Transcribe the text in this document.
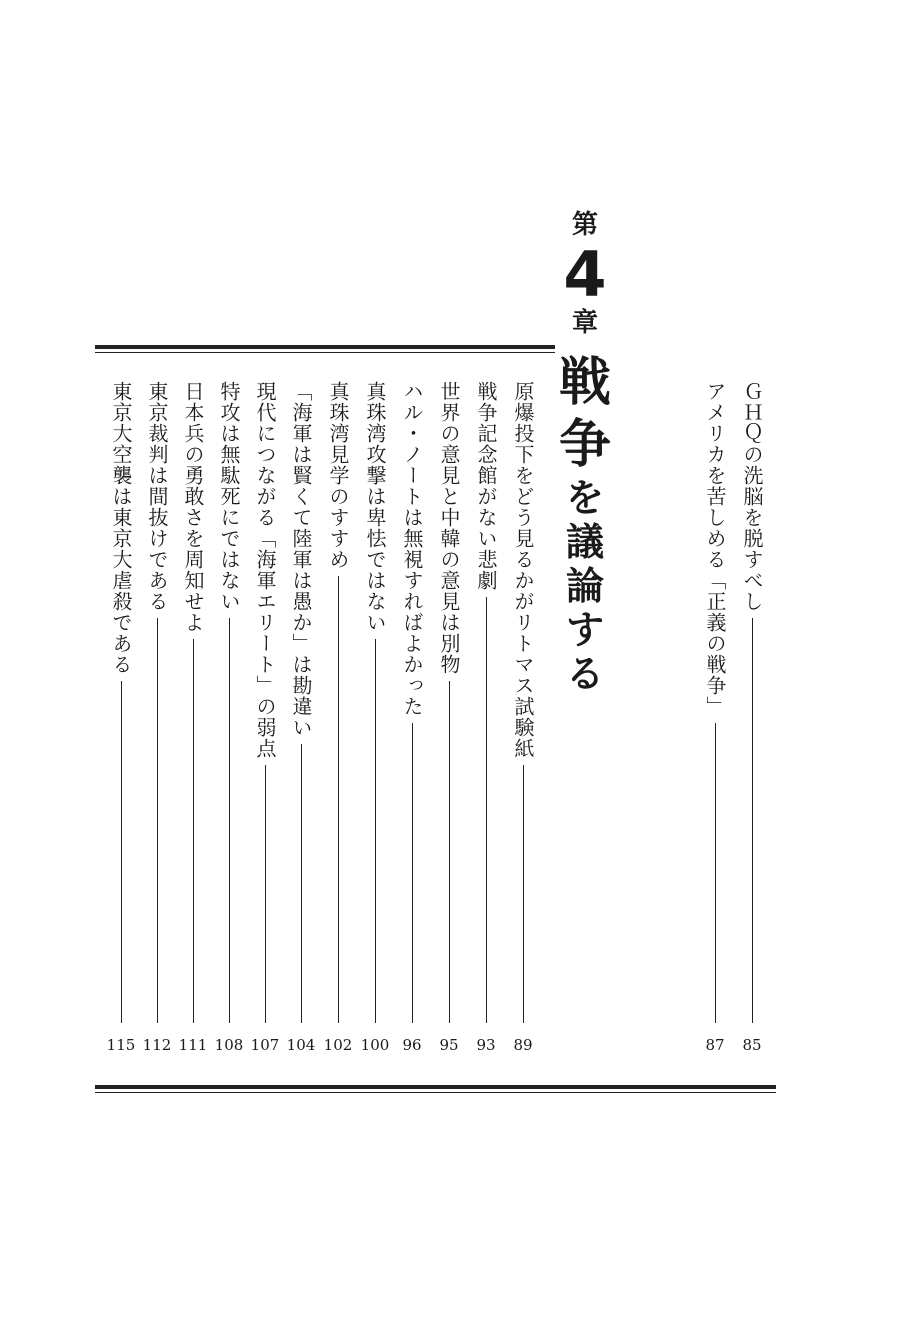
第
4
章
戦
争
を
議
論
す
る
ＧＨＱの洗脳を脱すべし
85
アメリカを苦しめる「正義の戦争」
87
原爆投下をどう見るかがリトマス試験紙
89
戦争記念館がない悲劇
93
世界の意見と中韓の意見は別物
95
ハル・ノートは無視すればよかった
96
真珠湾攻撃は卑怯ではない
100
真珠湾見学のすすめ
102
「海軍は賢くて陸軍は愚か」は勘違い
104
現代につながる「海軍エリート」の弱点
107
特攻は無駄死にではない
108
日本兵の勇敢さを周知せよ
111
東京裁判は間抜けである
112
東京大空襲は東京大虐殺である
115
